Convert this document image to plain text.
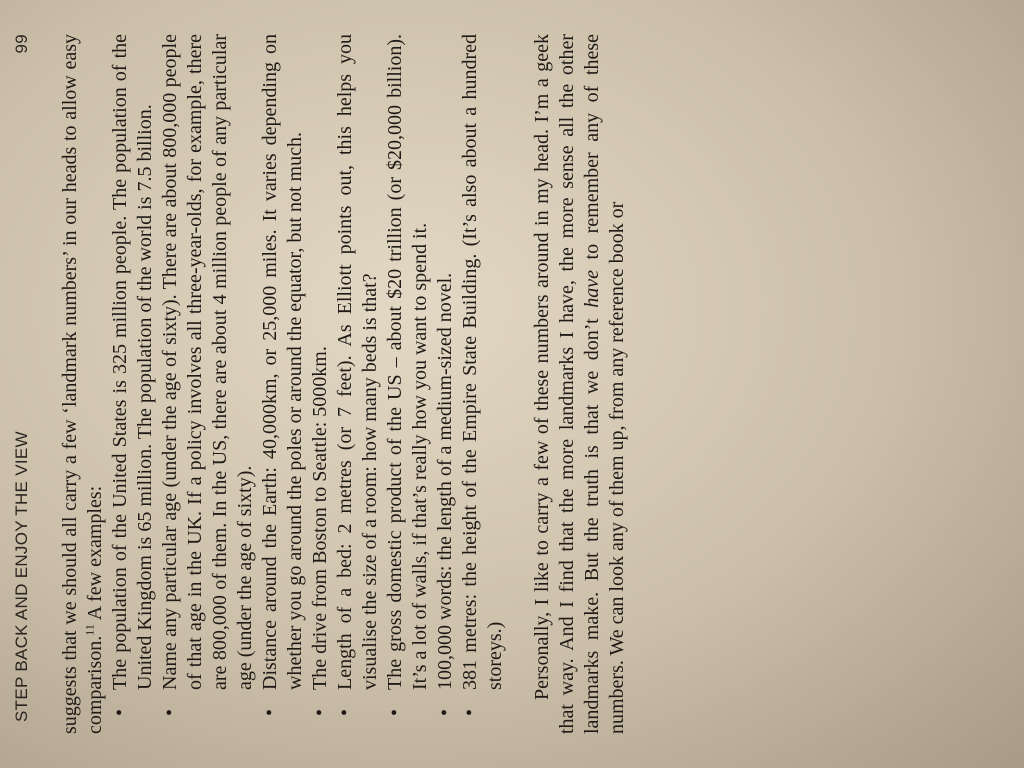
STEP BACK AND ENJOY THE VIEW
99 suggests that we should all carry a few ‘landmark numbers’ in our heads to allow easy comparison.$^{11}$ A few examples:

•
The population of the United States is 325 million people. The population of the United Kingdom is 65 million. The population of the world is 7.5 billion.
•
Name any particular age (under the age of sixty). There are about 800,000 people of that age in the UK. If a policy involves all three-year-olds, for example, there are 800,000 of them. In the US, there are about 4 million people of any particular age (under the age of sixty).
•
Distance around the Earth: 40,000km, or 25,000 miles. It varies depending on whether you go around the poles or around the equator, but not much.
•
The drive from Boston to Seattle: 5000km.
•
Length of a bed: 2 metres (or 7 feet). As Elliott points out, this helps you visualise the size of a room: how many beds is that?
•
The gross domestic product of the US – about $20 trillion (or $20,000 billion). It’s a lot of walls, if that’s really how you want to spend it.
•
100,000 words: the length of a medium-sized novel.
•
381 metres: the height of the Empire State Building. (It’s also about a hundred storeys.) Personally, I like to carry a few of these numbers around in my head. I’m a geek that way. And I find that the more landmarks I have, the more sense all the other landmarks make. But the truth is that we don’t have to remember any of these numbers. We can look any of them up, from any reference book or
